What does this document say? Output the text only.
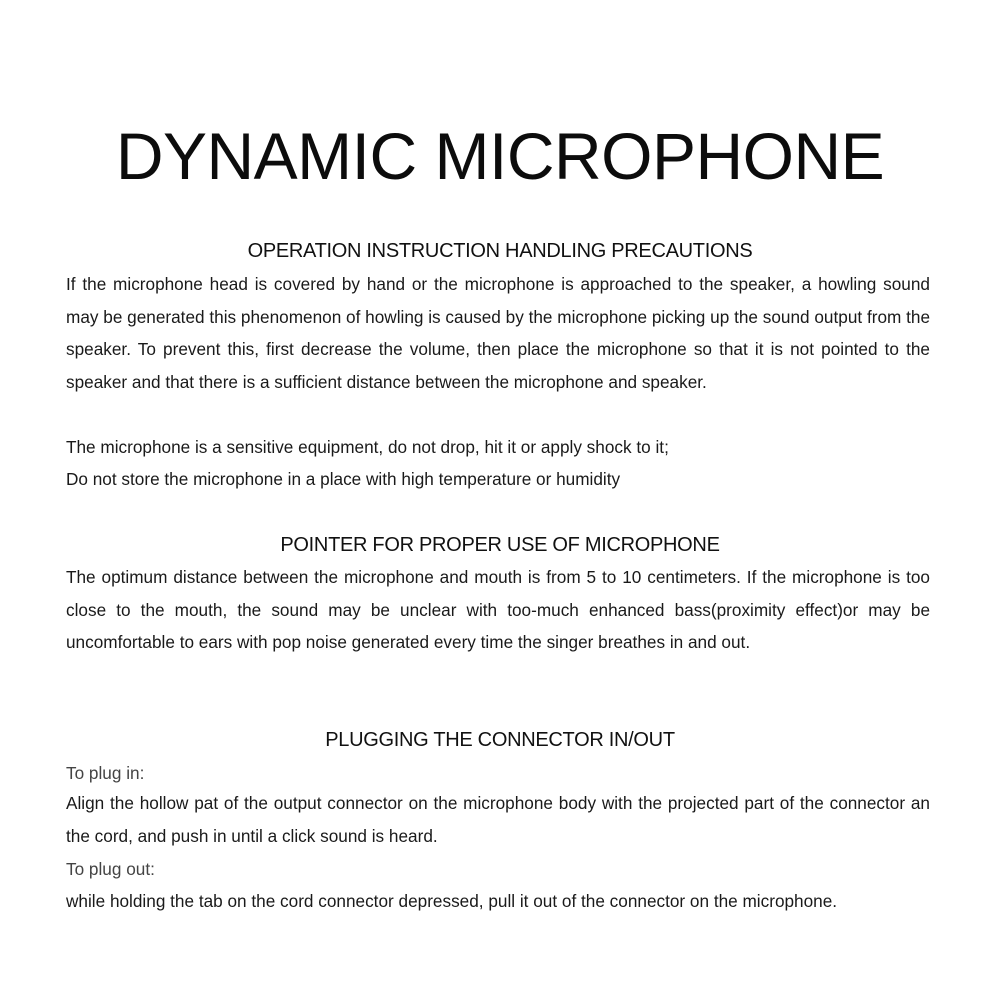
DYNAMIC MICROPHONE
OPERATION INSTRUCTION HANDLING PRECAUTIONS

If the microphone head is covered by hand or the microphone is approached to the speaker, a howling sound may be generated this phenomenon of howling is caused by the microphone picking up the sound output from the speaker. To prevent this, first decrease the volume, then place the microphone so that it is not pointed to the speaker and that there is a sufficient distance between the microphone and speaker.

The microphone is a sensitive equipment, do not drop, hit it or apply shock to it;

Do not store the microphone in a place with high temperature or humidity

POINTER FOR PROPER USE OF MICROPHONE

The optimum distance between the microphone and mouth is from 5 to 10 centimeters. If the microphone is too close to the mouth, the sound may be unclear with too-much enhanced bass(proximity effect)or may be uncomfortable to ears with pop noise generated every time the singer breathes in and out.

PLUGGING THE CONNECTOR IN/OUT

To plug in:

Align the hollow pat of the output connector on the microphone body with the projected part of the connector an the cord, and push in until a click sound is heard.

To plug out:

while holding the tab on the cord connector depressed, pull it out of the connector on the microphone.
